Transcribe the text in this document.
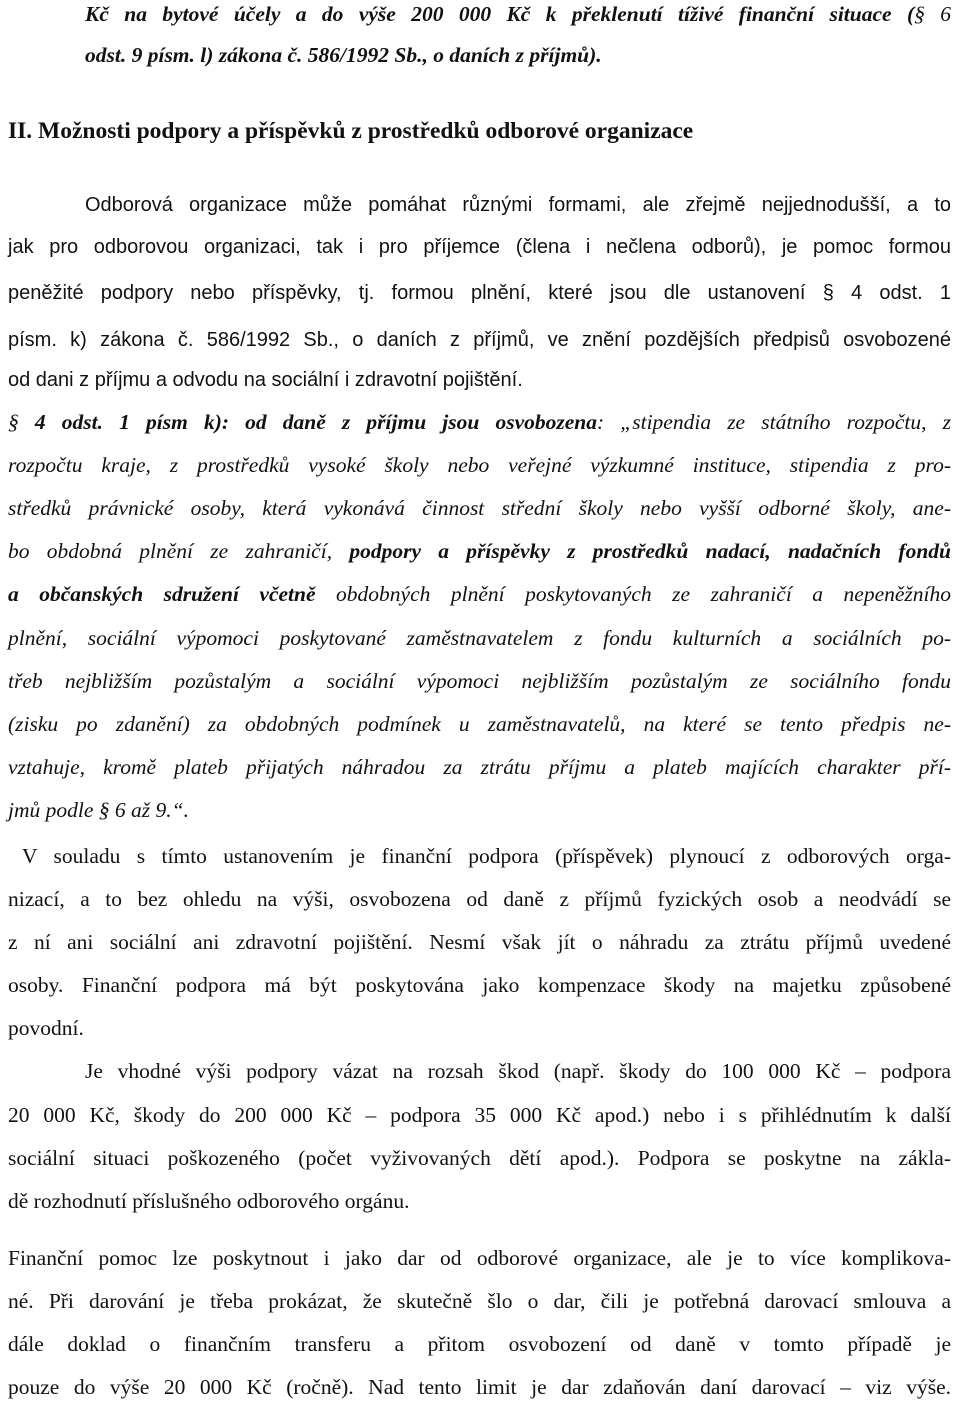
Kč na bytové účely a do výše 200 000 Kč k překlenutí tíživé finanční situace (§ 6
odst. 9 písm. l) zákona č. 586/1992 Sb., o daních z příjmů).
II. Možnosti podpory a příspěvků z prostředků odborové organizace
Odborová organizace může pomáhat různými formami, ale zřejmě nejjednodušší, a to
jak pro odborovou organizaci, tak i pro příjemce (člena i nečlena odborů), je pomoc formou
peněžité podpory nebo příspěvky, tj. formou plnění, které jsou dle ustanovení § 4 odst. 1
písm. k) zákona č. 586/1992 Sb., o daních z příjmů, ve znění pozdějších předpisů osvobozené
od dani z příjmu a odvodu na sociální i zdravotní pojištění.
§ 4 odst. 1 písm k): od daně z příjmu jsou osvobozena: „stipendia ze státního rozpočtu, z
rozpočtu kraje, z prostředků vysoké školy nebo veřejné výzkumné instituce, stipendia z pro-
středků právnické osoby, která vykonává činnost střední školy nebo vyšší odborné školy, ane-
bo obdobná plnění ze zahraničí, podpory a příspěvky z prostředků nadací, nadačních fondů
a občanských sdružení včetně obdobných plnění poskytovaných ze zahraničí a nepeněžního
plnění, sociální výpomoci poskytované zaměstnavatelem z fondu kulturních a sociálních po-
třeb nejbližším pozůstalým a sociální výpomoci nejbližším pozůstalým ze sociálního fondu
(zisku po zdanění) za obdobných podmínek u zaměstnavatelů, na které se tento předpis ne-
vztahuje, kromě plateb přijatých náhradou za ztrátu příjmu a plateb majících charakter pří-
jmů podle § 6 až 9.“.
V souladu s tímto ustanovením je finanční podpora (příspěvek) plynoucí z odborových orga-
nizací, a to bez ohledu na výši, osvobozena od daně z příjmů fyzických osob a neodvádí se
z ní ani sociální ani zdravotní pojištění. Nesmí však jít o náhradu za ztrátu příjmů uvedené
osoby. Finanční podpora má být poskytována jako kompenzace škody na majetku způsobené
povodní.
Je vhodné výši podpory vázat na rozsah škod (např. škody do 100 000 Kč – podpora
20 000 Kč, škody do 200 000 Kč – podpora 35 000 Kč apod.) nebo i s přihlédnutím k další
sociální situaci poškozeného (počet vyživovaných dětí apod.). Podpora se poskytne na zákla-
dě rozhodnutí příslušného odborového orgánu.
Finanční pomoc lze poskytnout i jako dar od odborové organizace, ale je to více komplikova-
né. Při darování je třeba prokázat, že skutečně šlo o dar, čili je potřebná darovací smlouva a
dále doklad o finančním transferu a přitom osvobození od daně v tomto případě je
pouze do výše 20 000 Kč (ročně). Nad tento limit je dar zdaňován daní darovací – viz výše.
